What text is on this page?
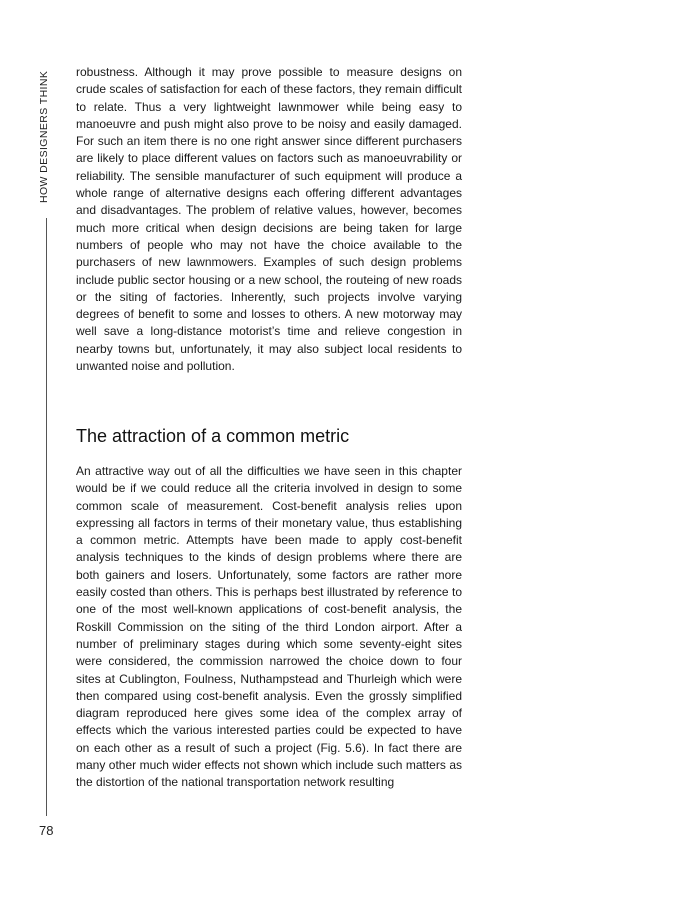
HOW DESIGNERS THINK
78

robustness. Although it may prove possible to measure designs on crude scales of satisfaction for each of these factors, they remain difficult to relate. Thus a very lightweight lawnmower while being easy to manoeuvre and push might also prove to be noisy and easily damaged. For such an item there is no one right answer since different purchasers are likely to place different values on factors such as manoeuvrability or reliability. The sensible manufacturer of such equipment will produce a whole range of alternative designs each offering different advantages and disadvantages. The problem of relative values, however, becomes much more critical when design decisions are being taken for large numbers of people who may not have the choice available to the purchasers of new lawnmowers. Examples of such design problems include public sector housing or a new school, the routeing of new roads or the siting of factories. Inherently, such projects involve varying degrees of benefit to some and losses to others. A new motorway may well save a long-distance motorist’s time and relieve congestion in nearby towns but, unfortunately, it may also subject local residents to unwanted noise and pollution.

The attraction of a common metric

An attractive way out of all the difficulties we have seen in this chapter would be if we could reduce all the criteria involved in design to some common scale of measurement. Cost-benefit analysis relies upon expressing all factors in terms of their monetary value, thus establishing a common metric. Attempts have been made to apply cost-benefit analysis techniques to the kinds of design problems where there are both gainers and losers. Unfortunately, some factors are rather more easily costed than others. This is perhaps best illustrated by reference to one of the most well-known applications of cost-benefit analysis, the Roskill Commission on the siting of the third London airport. After a number of preliminary stages during which some seventy-eight sites were considered, the commission narrowed the choice down to four sites at Cublington, Foulness, Nuthampstead and Thurleigh which were then compared using cost-benefit analysis. Even the grossly simplified diagram reproduced here gives some idea of the complex array of effects which the various interested parties could be expected to have on each other as a result of such a project (Fig. 5.6). In fact there are many other much wider effects not shown which include such matters as the distortion of the national transportation network resulting
